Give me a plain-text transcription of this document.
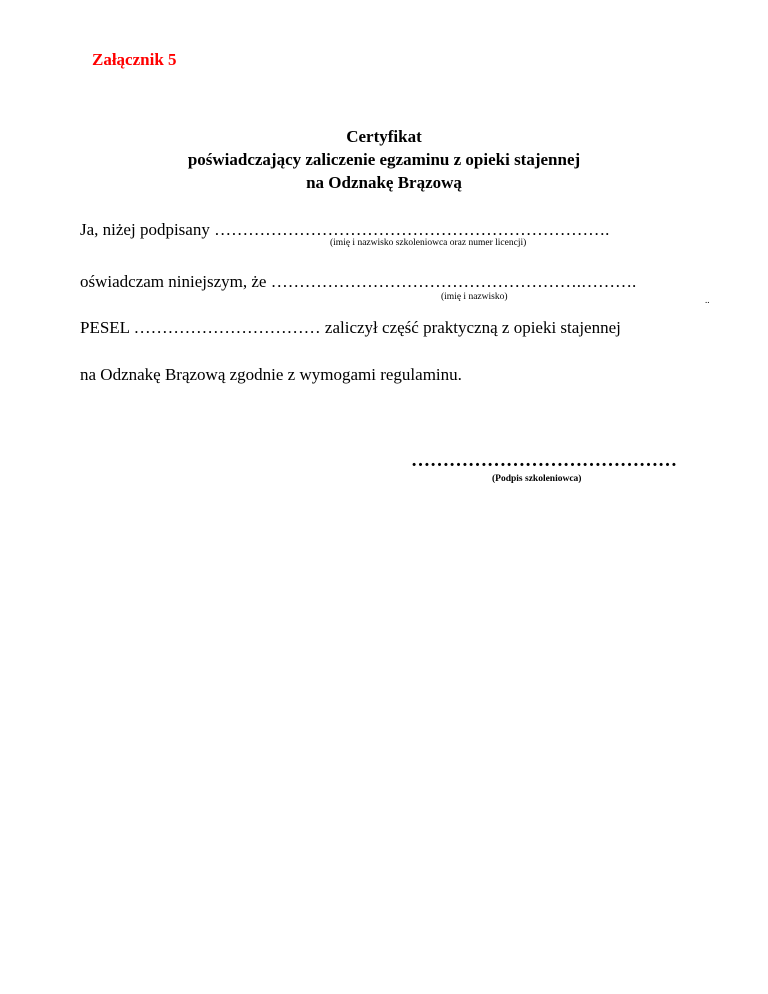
Załącznik 5
Certyfikat
poświadczający zaliczenie egzaminu z opieki stajennej
na Odznakę Brązową
Ja, niżej podpisany …………………………………………………………….
(imię i nazwisko szkoleniowca oraz numer licencji)
oświadczam niniejszym, że ……………………………………………….……….
(imię i nazwisko)	..
PESEL …………………………… zaliczył część praktyczną z opieki stajennej
na Odznakę Brązową zgodnie z wymogami regulaminu.
……………………………………
(Podpis szkoleniowca)
